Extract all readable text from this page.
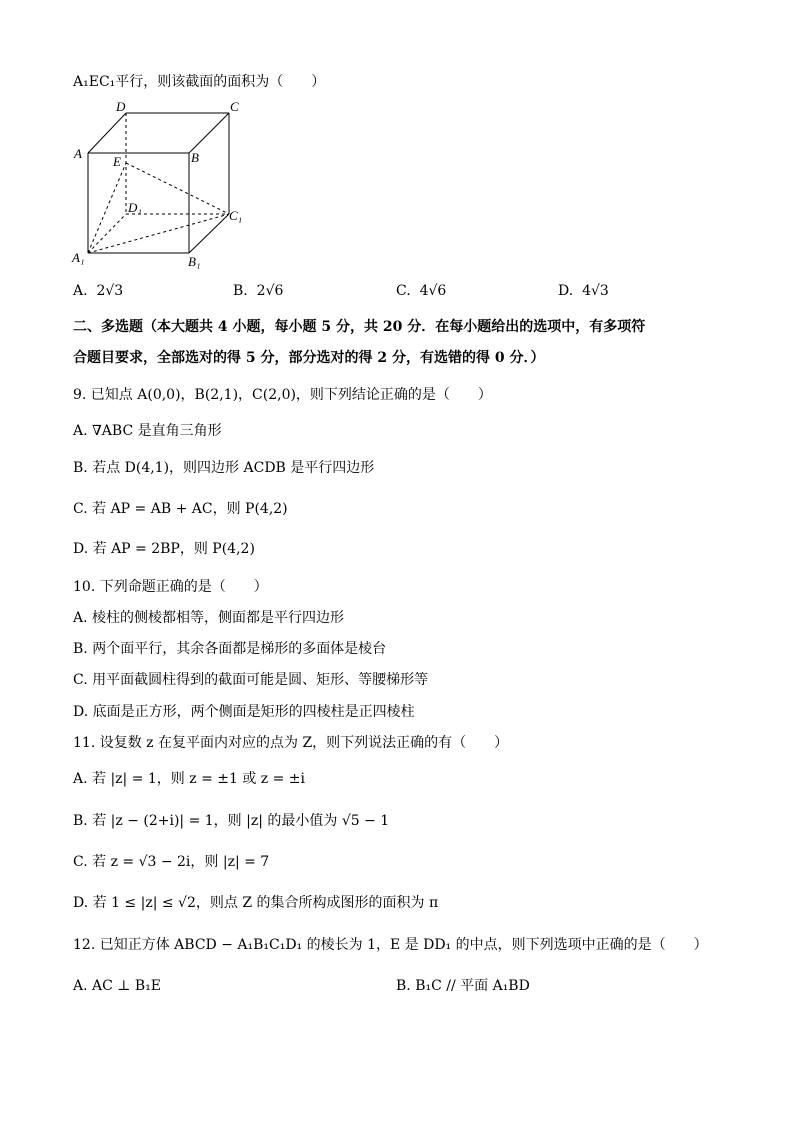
A₁EC₁平行，则该截面的面积为（　　）
D	C
A
E	B
D₁
C₁
A₁	B₁
A. 2√3	B. 2√6	C. 4√6	D. 4√3
二、多选题（本大题共 4 小题，每小题 5 分，共 20 分．在每小题给出的选项中，有多项符
合题目要求，全部选对的得 5 分，部分选对的得 2 分，有选错的得 0 分．）
9. 已知点 A(0,0)，B(2,1)，C(2,0)，则下列结论正确的是（　　）
A. ∇ABC 是直角三角形
B. 若点 D(4,1)，则四边形 ACDB 是平行四边形
C. 若 AP = AB + AC，则 P(4,2)
D. 若 AP = 2BP，则 P(4,2)
10. 下列命题正确的是（　　）
A. 棱柱的侧棱都相等，侧面都是平行四边形
B. 两个面平行，其余各面都是梯形的多面体是棱台
C. 用平面截圆柱得到的截面可能是圆、矩形、等腰梯形等
D. 底面是正方形，两个侧面是矩形的四棱柱是正四棱柱
11. 设复数 z 在复平面内对应的点为 Z，则下列说法正确的有（　　）
A. 若 |z| = 1，则 z = ±1 或 z = ±i
B. 若 |z − (2+i)| = 1，则 |z| 的最小值为 √5 − 1
C. 若 z = √3 − 2i，则 |z| = 7
D. 若 1 ≤ |z| ≤ √2，则点 Z 的集合所构成图形的面积为 π
12. 已知正方体 ABCD − A₁B₁C₁D₁ 的棱长为 1，E 是 DD₁ 的中点，则下列选项中正确的是（　　）
A. AC ⊥ B₁E	B. B₁C // 平面 A₁BD
